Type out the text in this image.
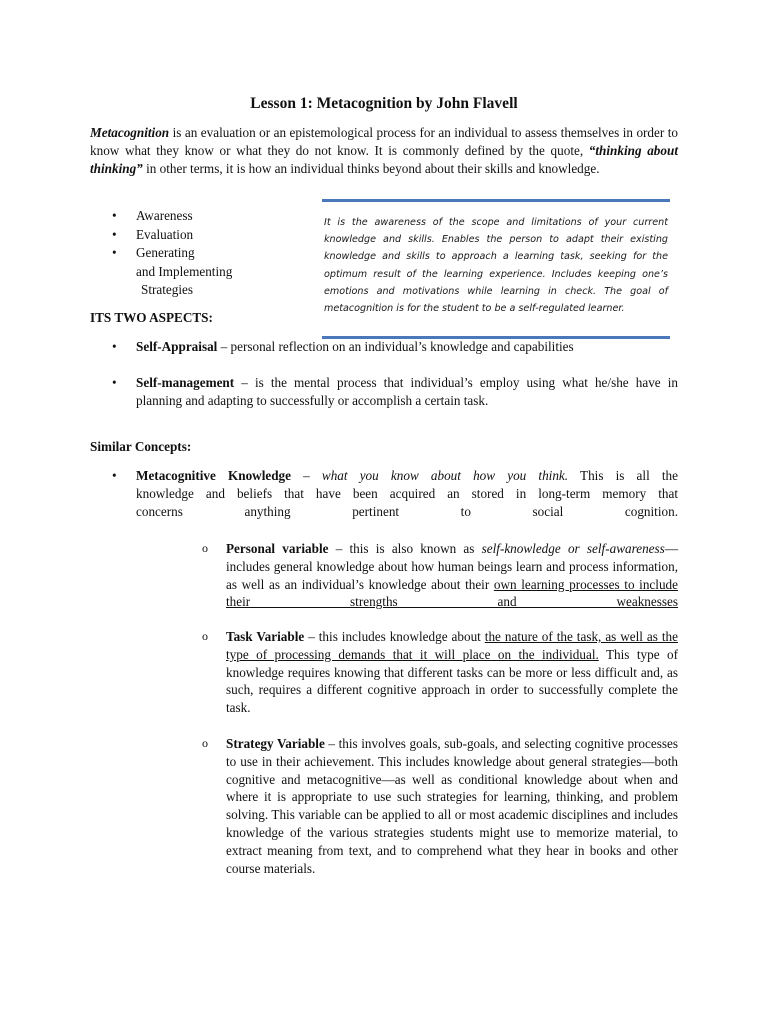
Lesson 1: Metacognition by John Flavell
Metacognition is an evaluation or an epistemological process for an individual to assess themselves in order to know what they know or what they do not know. It is commonly defined by the quote, “thinking about thinking” in other terms, it is how an individual thinks beyond about their skills and knowledge.
• Awareness
• Evaluation
• Generating
and Implementing
Strategies
It is the awareness of the scope and limitations of your current knowledge and skills. Enables the person to adapt their existing knowledge and skills to approach a learning task, seeking for the optimum result of the learning experience. Includes keeping one’s emotions and motivations while learning in check. The goal of metacognition is for the student to be a self-regulated learner.
ITS TWO ASPECTS:
• Self-Appraisal – personal reflection on an individual’s knowledge and capabilities
• Self-management – is the mental process that individual’s employ using what he/she have in planning and adapting to successfully or accomplish a certain task.
Similar Concepts:
• Metacognitive Knowledge – what you know about how you think. This is all the
knowledge and beliefs that have been acquired an stored in long-term memory that
concerns anything pertinent to social cognition.
o Personal variable – this is also known as self-knowledge or self-awareness—includes general knowledge about how human beings learn and process information, as well as an individual’s knowledge about their own learning processes to include their strengths and weaknesses
o Task Variable – this includes knowledge about the nature of the task, as well as the type of processing demands that it will place on the individual. This type of knowledge requires knowing that different tasks can be more or less difficult and, as such, requires a different cognitive approach in order to successfully complete the task.
o Strategy Variable – this involves goals, sub-goals, and selecting cognitive processes to use in their achievement. This includes knowledge about general strategies—both cognitive and metacognitive—as well as conditional knowledge about when and where it is appropriate to use such strategies for learning, thinking, and problem solving. This variable can be applied to all or most academic disciplines and includes knowledge of the various strategies students might use to memorize material, to extract meaning from text, and to comprehend what they hear in books and other course materials.
